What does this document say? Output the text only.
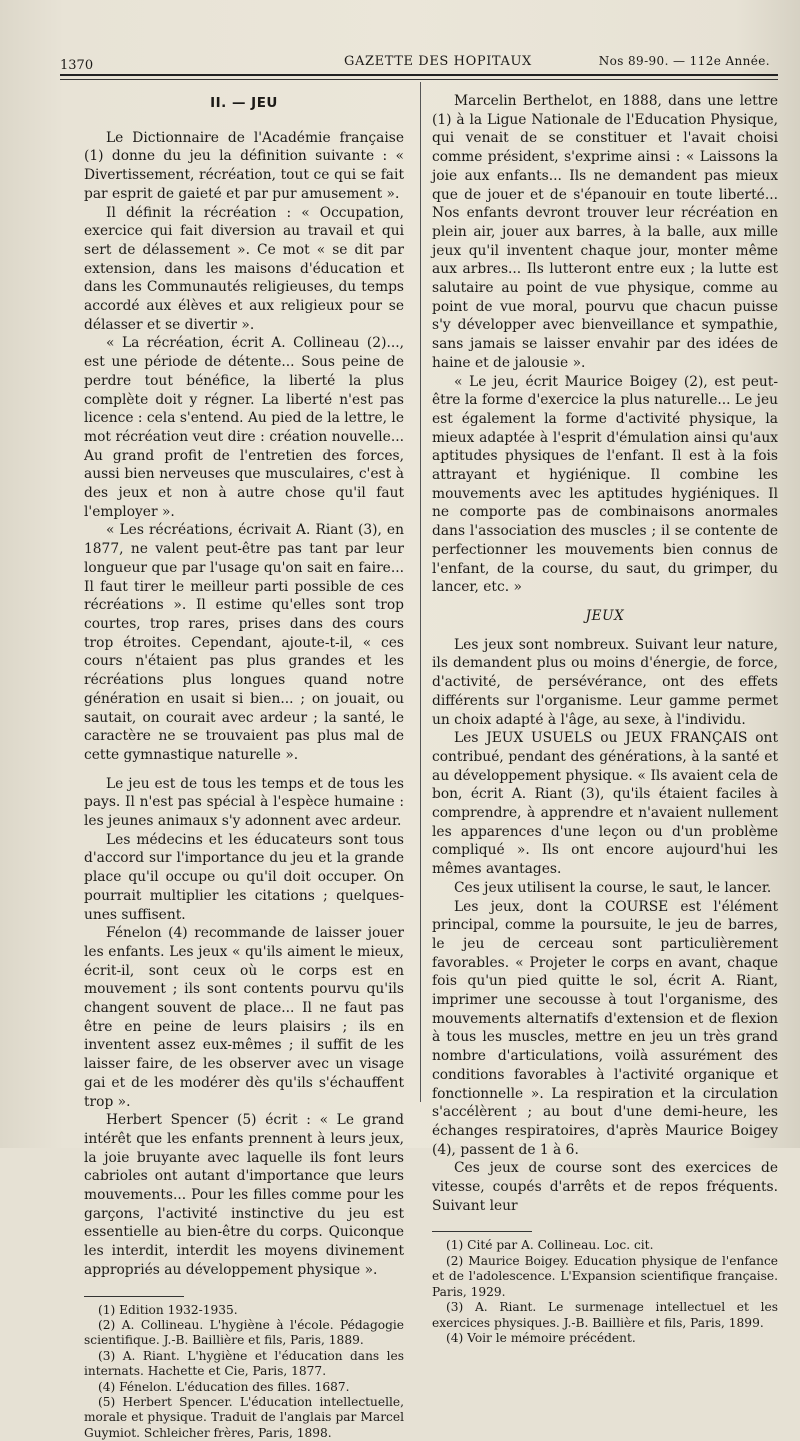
1370	GAZETTE DES HOPITAUX	Nos 89-90. — 112e Année.
II. — JEU

Le Dictionnaire de l'Académie française (1) donne du jeu la définition suivante : « Divertissement, récréation, tout ce qui se fait par esprit de gaieté et par pur amusement ».

Il définit la récréation : « Occupation, exercice qui fait diversion au travail et qui sert de délassement ». Ce mot « se dit par extension, dans les maisons d'éducation et dans les Communautés religieuses, du temps accordé aux élèves et aux religieux pour se délasser et se divertir ».

« La récréation, écrit A. Collineau (2)..., est une période de détente... Sous peine de perdre tout bénéfice, la liberté la plus complète doit y régner. La liberté n'est pas licence : cela s'entend. Au pied de la lettre, le mot récréation veut dire : création nouvelle... Au grand profit de l'entretien des forces, aussi bien nerveuses que musculaires, c'est à des jeux et non à autre chose qu'il faut l'employer ».

« Les récréations, écrivait A. Riant (3), en 1877, ne valent peut-être pas tant par leur longueur que par l'usage qu'on sait en faire... Il faut tirer le meilleur parti possible de ces récréations ». Il estime qu'elles sont trop courtes, trop rares, prises dans des cours trop étroites. Cependant, ajoute-t-il, « ces cours n'étaient pas plus grandes et les récréations plus longues quand notre génération en usait si bien... ; on jouait, ou sautait, on courait avec ardeur ; la santé, le caractère ne se trouvaient pas plus mal de cette gymnastique naturelle ».

Le jeu est de tous les temps et de tous les pays. Il n'est pas spécial à l'espèce humaine : les jeunes animaux s'y adonnent avec ardeur.

Les médecins et les éducateurs sont tous d'accord sur l'importance du jeu et la grande place qu'il occupe ou qu'il doit occuper. On pourrait multiplier les citations ; quelques-unes suffisent.

Fénelon (4) recommande de laisser jouer les enfants. Les jeux « qu'ils aiment le mieux, écrit-il, sont ceux où le corps est en mouvement ; ils sont contents pourvu qu'ils changent souvent de place... Il ne faut pas être en peine de leurs plaisirs ; ils en inventent assez eux-mêmes ; il suffit de les laisser faire, de les observer avec un visage gai et de les modérer dès qu'ils s'échauffent trop ».

Herbert Spencer (5) écrit : « Le grand intérêt que les enfants prennent à leurs jeux, la joie bruyante avec laquelle ils font leurs cabrioles ont autant d'importance que leurs mouvements... Pour les filles comme pour les garçons, l'activité instinctive du jeu est essentielle au bien-être du corps. Quiconque les interdit, interdit les moyens divinement appropriés au développement physique ».

(1) Edition 1932-1935.
(2) A. Collineau. L'hygiène à l'école. Pédagogie scientifique. J.-B. Baillière et fils, Paris, 1889.
(3) A. Riant. L'hygiène et l'éducation dans les internats. Hachette et Cie, Paris, 1877.
(4) Fénelon. L'éducation des filles. 1687.
(5) Herbert Spencer. L'éducation intellectuelle, morale et physique. Traduit de l'anglais par Marcel Guymiot. Schleicher frères, Paris, 1898.

Marcelin Berthelot, en 1888, dans une lettre (1) à la Ligue Nationale de l'Education Physique, qui venait de se constituer et l'avait choisi comme président, s'exprime ainsi : « Laissons la joie aux enfants... Ils ne demandent pas mieux que de jouer et de s'épanouir en toute liberté... Nos enfants devront trouver leur récréation en plein air, jouer aux barres, à la balle, aux mille jeux qu'il inventent chaque jour, monter même aux arbres... Ils lutteront entre eux ; la lutte est salutaire au point de vue physique, comme au point de vue moral, pourvu que chacun puisse s'y développer avec bienveillance et sympathie, sans jamais se laisser envahir par des idées de haine et de jalousie ».

« Le jeu, écrit Maurice Boigey (2), est peut-être la forme d'exercice la plus naturelle... Le jeu est également la forme d'activité physique, la mieux adaptée à l'esprit d'émulation ainsi qu'aux aptitudes physiques de l'enfant. Il est à la fois attrayant et hygiénique. Il combine les mouvements avec les aptitudes hygiéniques. Il ne comporte pas de combinaisons anormales dans l'association des muscles ; il se contente de perfectionner les mouvements bien connus de l'enfant, de la course, du saut, du grimper, du lancer, etc. »

JEUX

Les jeux sont nombreux. Suivant leur nature, ils demandent plus ou moins d'énergie, de force, d'activité, de persévérance, ont des effets différents sur l'organisme. Leur gamme permet un choix adapté à l'âge, au sexe, à l'individu.

Les JEUX USUELS ou JEUX FRANÇAIS ont contribué, pendant des générations, à la santé et au développement physique. « Ils avaient cela de bon, écrit A. Riant (3), qu'ils étaient faciles à comprendre, à apprendre et n'avaient nullement les apparences d'une leçon ou d'un problème compliqué ». Ils ont encore aujourd'hui les mêmes avantages.

Ces jeux utilisent la course, le saut, le lancer.

Les jeux, dont la COURSE est l'élément principal, comme la poursuite, le jeu de barres, le jeu de cerceau sont particulièrement favorables. « Projeter le corps en avant, chaque fois qu'un pied quitte le sol, écrit A. Riant, imprimer une secousse à tout l'organisme, des mouvements alternatifs d'extension et de flexion à tous les muscles, mettre en jeu un très grand nombre d'articulations, voilà assurément des conditions favorables à l'activité organique et fonctionnelle ». La respiration et la circulation s'accélèrent ; au bout d'une demi-heure, les échanges respiratoires, d'après Maurice Boigey (4), passent de 1 à 6.

Ces jeux de course sont des exercices de vitesse, coupés d'arrêts et de repos fréquents. Suivant leur

(1) Cité par A. Collineau. Loc. cit.
(2) Maurice Boigey. Education physique de l'enfance et de l'adolescence. L'Expansion scientifique française. Paris, 1929.
(3) A. Riant. Le surmenage intellectuel et les exercices physiques. J.-B. Baillière et fils, Paris, 1899.
(4) Voir le mémoire précédent.
